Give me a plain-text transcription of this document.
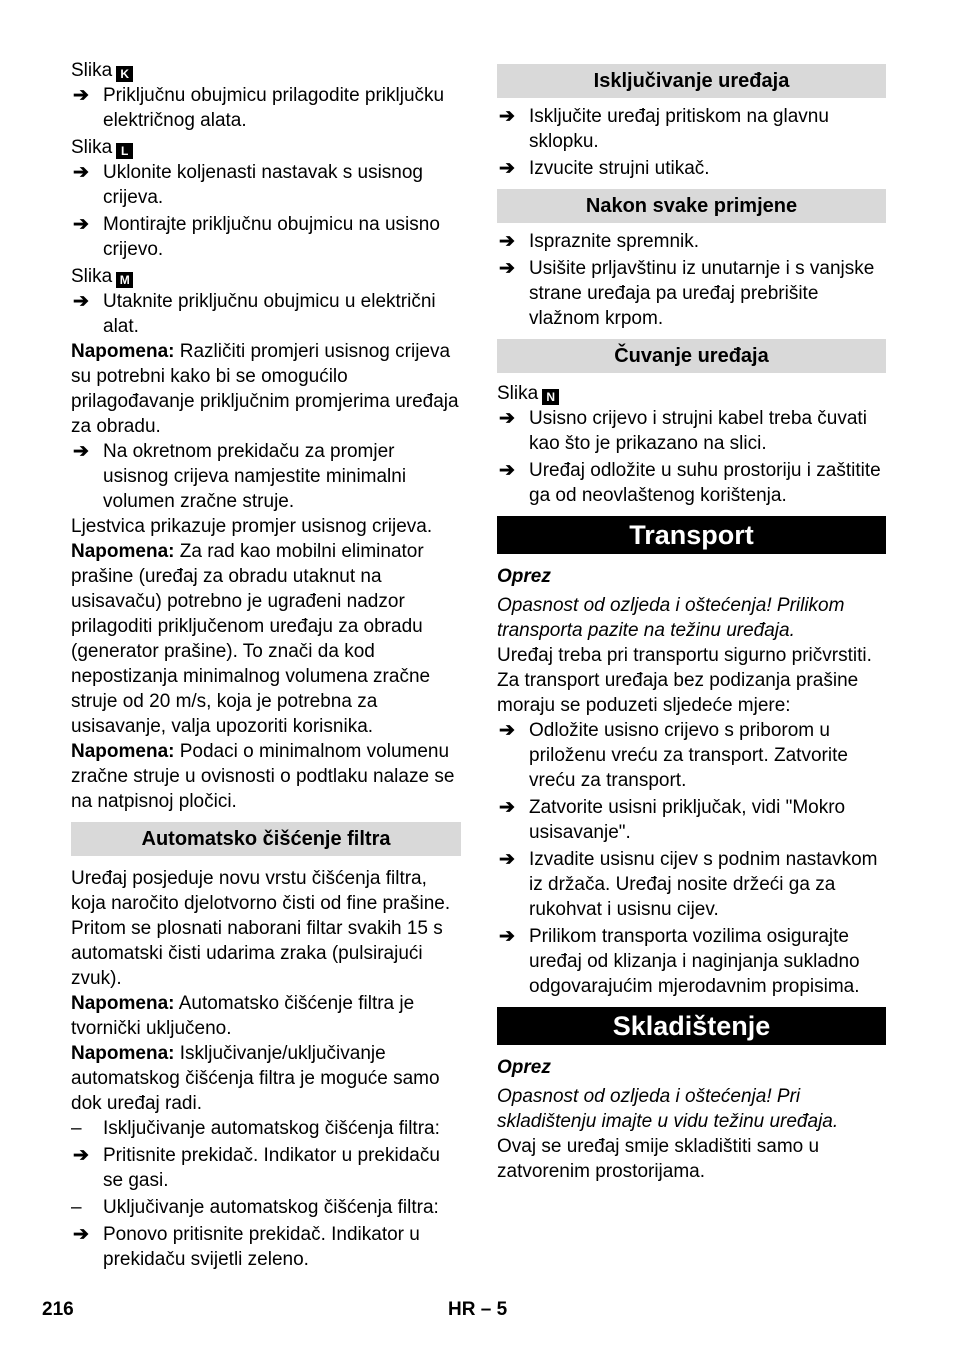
Slika K

➔ Priključnu obujmicu prilagodite priključku električnog alata.

Slika L

➔ Uklonite koljenasti nastavak s usisnog crijeva.

➔ Montirajte priključnu obujmicu na usisno crijevo.

Slika M

➔ Utaknite priključnu obujmicu u električni alat.

Napomena: Različiti promjeri usisnog crijeva su potrebni kako bi se omogućilo prilagođavanje priključnim promjerima uređaja za obradu.

➔ Na okretnom prekidaču za promjer usisnog crijeva namjestite minimalni volumen zračne struje.

Ljestvica prikazuje promjer usisnog crijeva.

Napomena: Za rad kao mobilni eliminator prašine (uređaj za obradu utaknut na usisavaču) potrebno je ugrađeni nadzor prilagoditi priključenom uređaju za obradu (generator prašine). To znači da kod nepostizanja minimalnog volumena zračne struje od 20 m/s, koja je potrebna za usisavanje, valja upozoriti korisnika.

Napomena: Podaci o minimalnom volumenu zračne struje u ovisnosti o podtlaku nalaze se na natpisnoj pločici.

Automatsko čišćenje filtra

Uređaj posjeduje novu vrstu čišćenja filtra, koja naročito djelotvorno čisti od fine prašine. Pritom se plosnati naborani filtar svakih 15 s automatski čisti udarima zraka (pulsirajući zvuk).

Napomena: Automatsko čišćenje filtra je tvornički uključeno.

Napomena: Isključivanje/uključivanje automatskog čišćenja filtra je moguće samo dok uređaj radi.

– Isključivanje automatskog čišćenja filtra:

➔ Pritisnite prekidač. Indikator u prekidaču se gasi.

– Uključivanje automatskog čišćenja filtra:

➔ Ponovo pritisnite prekidač. Indikator u prekidaču svijetli zeleno.

Isključivanje uređaja

➔ Isključite uređaj pritiskom na glavnu sklopku.

➔ Izvucite strujni utikač.

Nakon svake primjene

➔ Ispraznite spremnik.

➔ Usišite prljavštinu iz unutarnje i s vanjske strane uređaja pa uređaj prebrišite vlažnom krpom.

Čuvanje uređaja

Slika N

➔ Usisno crijevo i strujni kabel treba čuvati kao što je prikazano na slici.

➔ Uređaj odložite u suhu prostoriju i zaštitite ga od neovlaštenog korištenja.

Transport

Oprez

Opasnost od ozljeda i oštećenja! Prilikom transporta pazite na težinu uređaja.

Uređaj treba pri transportu sigurno pričvrstiti.

Za transport uređaja bez podizanja prašine moraju se poduzeti sljedeće mjere:

➔ Odložite usisno crijevo s priborom u priloženu vreću za transport. Zatvorite vreću za transport.

➔ Zatvorite usisni priključak, vidi "Mokro usisavanje".

➔ Izvadite usisnu cijev s podnim nastavkom iz držača. Uređaj nosite držeći ga za rukohvat i usisnu cijev.

➔ Prilikom transporta vozilima osigurajte uređaj od klizanja i naginjanja sukladno odgovarajućim mjerodavnim propisima.

Skladištenje

Oprez

Opasnost od ozljeda i oštećenja! Pri skladištenju imajte u vidu težinu uređaja.

Ovaj se uređaj smije skladištiti samo u zatvorenim prostorijama.

216	HR – 5
